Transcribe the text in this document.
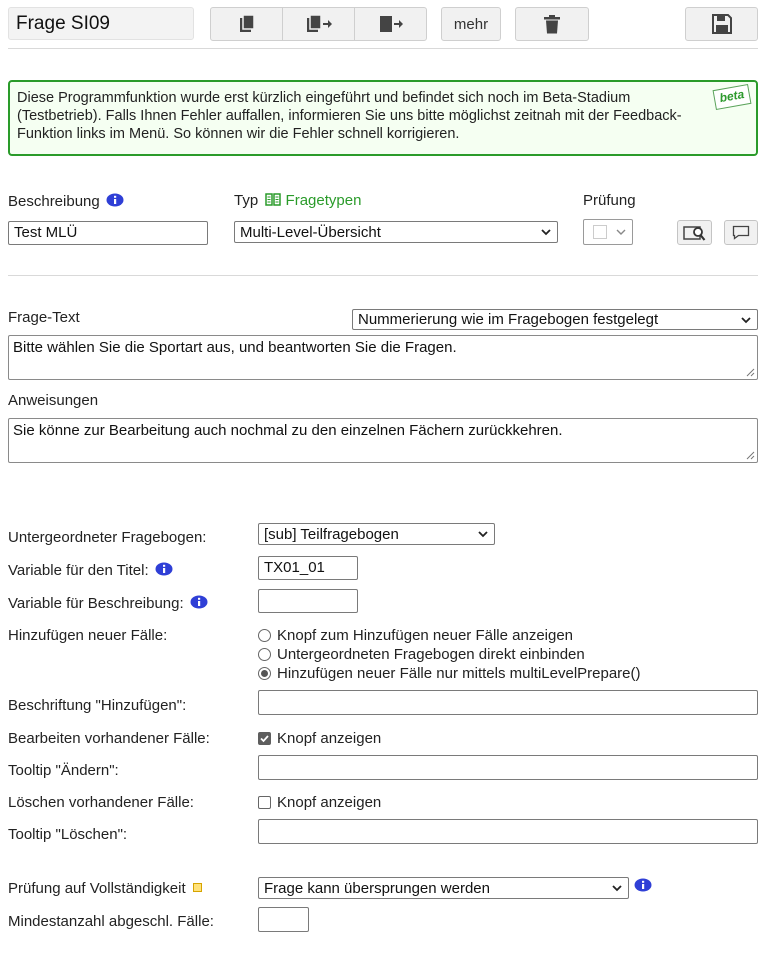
Frage SI09	mehr
Diese Programmfunktion wurde erst kürzlich eingeführt und befindet sich noch im Beta-Stadium (Testbetrieb). Falls Ihnen Fehler auffallen, informieren Sie uns bitte möglichst zeitnah mit der Feedback-Funktion links im Menü. So können wir die Fehler schnell korrigieren.
beta
Beschreibung
Test MLÜ
Typ Fragetypen
Multi-Level-Übersicht
Prüfung
Frage-Text	Nummerierung wie im Fragebogen festgelegt
Bitte wählen Sie die Sportart aus, und beantworten Sie die Fragen.
Anweisungen
Sie könne zur Bearbeitung auch nochmal zu den einzelnen Fächern zurückkehren.
Untergeordneter Fragebogen:	[sub] Teilfragebogen
Variable für den Titel:	TX01_01
Variable für Beschreibung:
Hinzufügen neuer Fälle:	Knopf zum Hinzufügen neuer Fälle anzeigen
Untergeordneten Fragebogen direkt einbinden
Hinzufügen neuer Fälle nur mittels multiLevelPrepare()
Beschriftung "Hinzufügen":
Bearbeiten vorhandener Fälle:	Knopf anzeigen
Tooltip "Ändern":
Löschen vorhandener Fälle:	Knopf anzeigen
Tooltip "Löschen":
Prüfung auf Vollständigkeit	Frage kann übersprungen werden
Mindestanzahl abgeschl. Fälle:
